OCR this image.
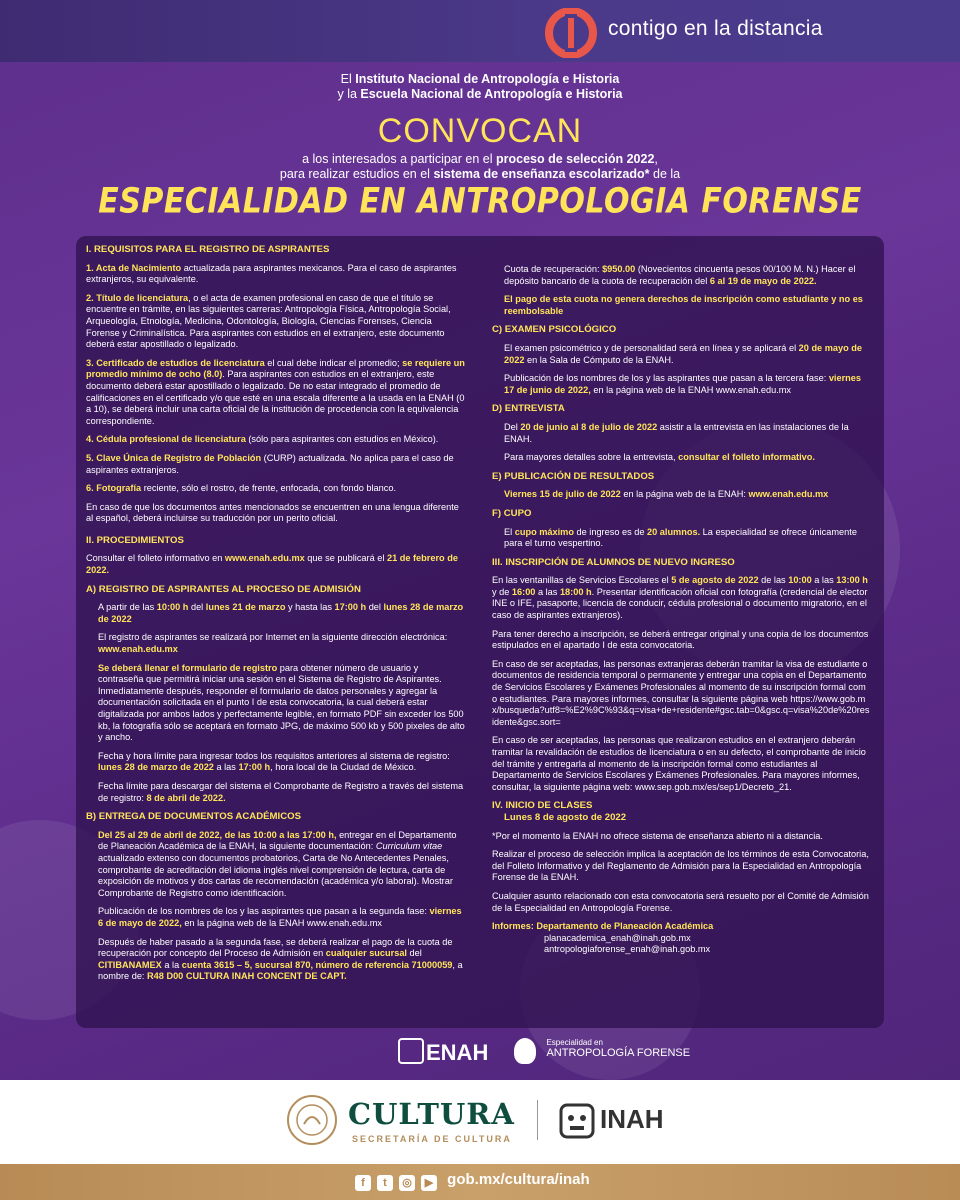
contigo en la distancia
El Instituto Nacional de Antropología e Historia
y la Escuela Nacional de Antropología e Historia
CONVOCAN
a los interesados a participar en el proceso de selección 2022,
para realizar estudios en el sistema de enseñanza escolarizado* de la
ESPECIALIDAD EN ANTROPOLOGIA FORENSE

I. REQUISITOS PARA EL REGISTRO DE ASPIRANTES

1. Acta de Nacimiento actualizada para aspirantes mexicanos. Para el caso de aspirantes extranjeros, su equivalente.

2. Título de licenciatura, o el acta de examen profesional en caso de que el título se encuentre en trámite, en las siguientes carreras: Antropología Física, Antropología Social, Arqueología, Etnología, Medicina, Odontología, Biología, Ciencias Forenses, Ciencia Forense y Criminalística. Para aspirantes con estudios en el extranjero, este documento deberá estar apostillado o legalizado.

3. Certificado de estudios de licenciatura el cual debe indicar el promedio; se requiere un promedio mínimo de ocho (8.0). Para aspirantes con estudios en el extranjero, este documento deberá estar apostillado o legalizado. De no estar integrado el promedio de calificaciones en el certificado y/o que esté en una escala diferente a la usada en la ENAH (0 a 10), se deberá incluir una carta oficial de la institución de procedencia con la equivalencia correspondiente.

4. Cédula profesional de licenciatura (sólo para aspirantes con estudios en México).

5. Clave Única de Registro de Población (CURP) actualizada. No aplica para el caso de aspirantes extranjeros.

6. Fotografía reciente, sólo el rostro, de frente, enfocada, con fondo blanco.

En caso de que los documentos antes mencionados se encuentren en una lengua diferente al español, deberá incluirse su traducción por un perito oficial.

II. PROCEDIMIENTOS

Consultar el folleto informativo en www.enah.edu.mx que se publicará el 21 de febrero de 2022.

A) REGISTRO DE ASPIRANTES AL PROCESO DE ADMISIÓN

A partir de las 10:00 h del lunes 21 de marzo y hasta las 17:00 h del lunes 28 de marzo de 2022

El registro de aspirantes se realizará por Internet en la siguiente dirección electrónica: www.enah.edu.mx

Se deberá llenar el formulario de registro para obtener número de usuario y contraseña que permitirá iniciar una sesión en el Sistema de Registro de Aspirantes. Inmediatamente después, responder el formulario de datos personales y agregar la documentación solicitada en el punto I de esta convocatoria, la cual deberá estar digitalizada por ambos lados y perfectamente legible, en formato PDF sin exceder los 500 kb, la fotografía sólo se aceptará en formato JPG, de máximo 500 kb y 500 pixeles de alto y ancho.

Fecha y hora límite para ingresar todos los requisitos anteriores al sistema de registro: lunes 28 de marzo de 2022 a las 17:00 h, hora local de la Ciudad de México.

Fecha límite para descargar del sistema el Comprobante de Registro a través del sistema de registro: 8 de abril de 2022.

B) ENTREGA DE DOCUMENTOS ACADÉMICOS

Del 25 al 29 de abril de 2022, de las 10:00 a las 17:00 h, entregar en el Departamento de Planeación Académica de la ENAH, la siguiente documentación: Curriculum vitae actualizado extenso con documentos probatorios, Carta de No Antecedentes Penales, comprobante de acreditación del idioma inglés nivel comprensión de lectura, carta de exposición de motivos y dos cartas de recomendación (académica y/o laboral). Mostrar Comprobante de Registro como identificación.

Publicación de los nombres de los y las aspirantes que pasan a la segunda fase: viernes 6 de mayo de 2022, en la página web de la ENAH www.enah.edu.mx

Después de haber pasado a la segunda fase, se deberá realizar el pago de la cuota de recuperación por concepto del Proceso de Admisión en cualquier sucursal del CITIBANAMEX a la cuenta 3615 – 5, sucursal 870, número de referencia 71000059, a nombre de: R48 D00 CULTURA INAH CONCENT DE CAPT.

Cuota de recuperación: $950.00 (Novecientos cincuenta pesos 00/100 M. N.) Hacer el depósito bancario de la cuota de recuperación del 6 al 19 de mayo de 2022.

El pago de esta cuota no genera derechos de inscripción como estudiante y no es reembolsable

C) EXAMEN PSICOLÓGICO

El examen psicométrico y de personalidad será en línea y se aplicará el 20 de mayo de 2022 en la Sala de Cómputo de la ENAH.

Publicación de los nombres de los y las aspirantes que pasan a la tercera fase: viernes 17 de junio de 2022, en la página web de la ENAH www.enah.edu.mx

D) ENTREVISTA

Del 20 de junio al 8 de julio de 2022 asistir a la entrevista en las instalaciones de la ENAH.

Para mayores detalles sobre la entrevista, consultar el folleto informativo.

E) PUBLICACIÓN DE RESULTADOS

Viernes 15 de julio de 2022 en la página web de la ENAH: www.enah.edu.mx

F) CUPO

El cupo máximo de ingreso es de 20 alumnos. La especialidad se ofrece únicamente para el turno vespertino.

III. INSCRIPCIÓN DE ALUMNOS DE NUEVO INGRESO

En las ventanillas de Servicios Escolares el 5 de agosto de 2022 de las 10:00 a las 13:00 h y de 16:00 a las 18:00 h. Presentar identificación oficial con fotografía (credencial de elector INE o IFE, pasaporte, licencia de conducir, cédula profesional o documento migratorio, en el caso de aspirantes extranjeros).

Para tener derecho a inscripción, se deberá entregar original y una copia de los documentos estipulados en el apartado I de esta convocatoria.

En caso de ser aceptadas, las personas extranjeras deberán tramitar la visa de estudiante o documentos de residencia temporal o permanente y entregar una copia en el Departamento de Servicios Escolares y Exámenes Profesionales al momento de su inscripción formal como estudiantes. Para mayores informes, consultar la siguiente página web https://www.gob.mx/busqueda?utf8=%E2%9C%93&q=visa+de+residente#gsc.tab=0&gsc.q=visa%20de%20residente&gsc.sort=

En caso de ser aceptadas, las personas que realizaron estudios en el extranjero deberán tramitar la revalidación de estudios de licenciatura o en su defecto, el comprobante de inicio del trámite y entregarla al momento de la inscripción formal como estudiantes al Departamento de Servicios Escolares y Exámenes Profesionales. Para mayores informes, consultar, la siguiente página web: www.sep.gob.mx/es/sep1/Decreto_21.

IV. INICIO DE CLASES

Lunes 8 de agosto de 2022

*Por el momento la ENAH no ofrece sistema de enseñanza abierto ni a distancia.

Realizar el proceso de selección implica la aceptación de los términos de esta Convocatoria, del Folleto Informativo y del Reglamento de Admisión para la Especialidad en Antropología Forense de la ENAH.

Cualquier asunto relacionado con esta convocatoria será resuelto por el Comité de Admisión de la Especialidad en Antropología Forense.

Informes: Departamento de Planeación Académica

planacademica_enah@inah.gob.mx

antropologiaforense_enah@inah.gob.mx

ENAH
	Especialidad en
ANTROPOLOGÍA FORENSE
CULTURA
SECRETARÍA DE CULTURA
INAH
f t ◎ ▶ gob.mx/cultura/inah
